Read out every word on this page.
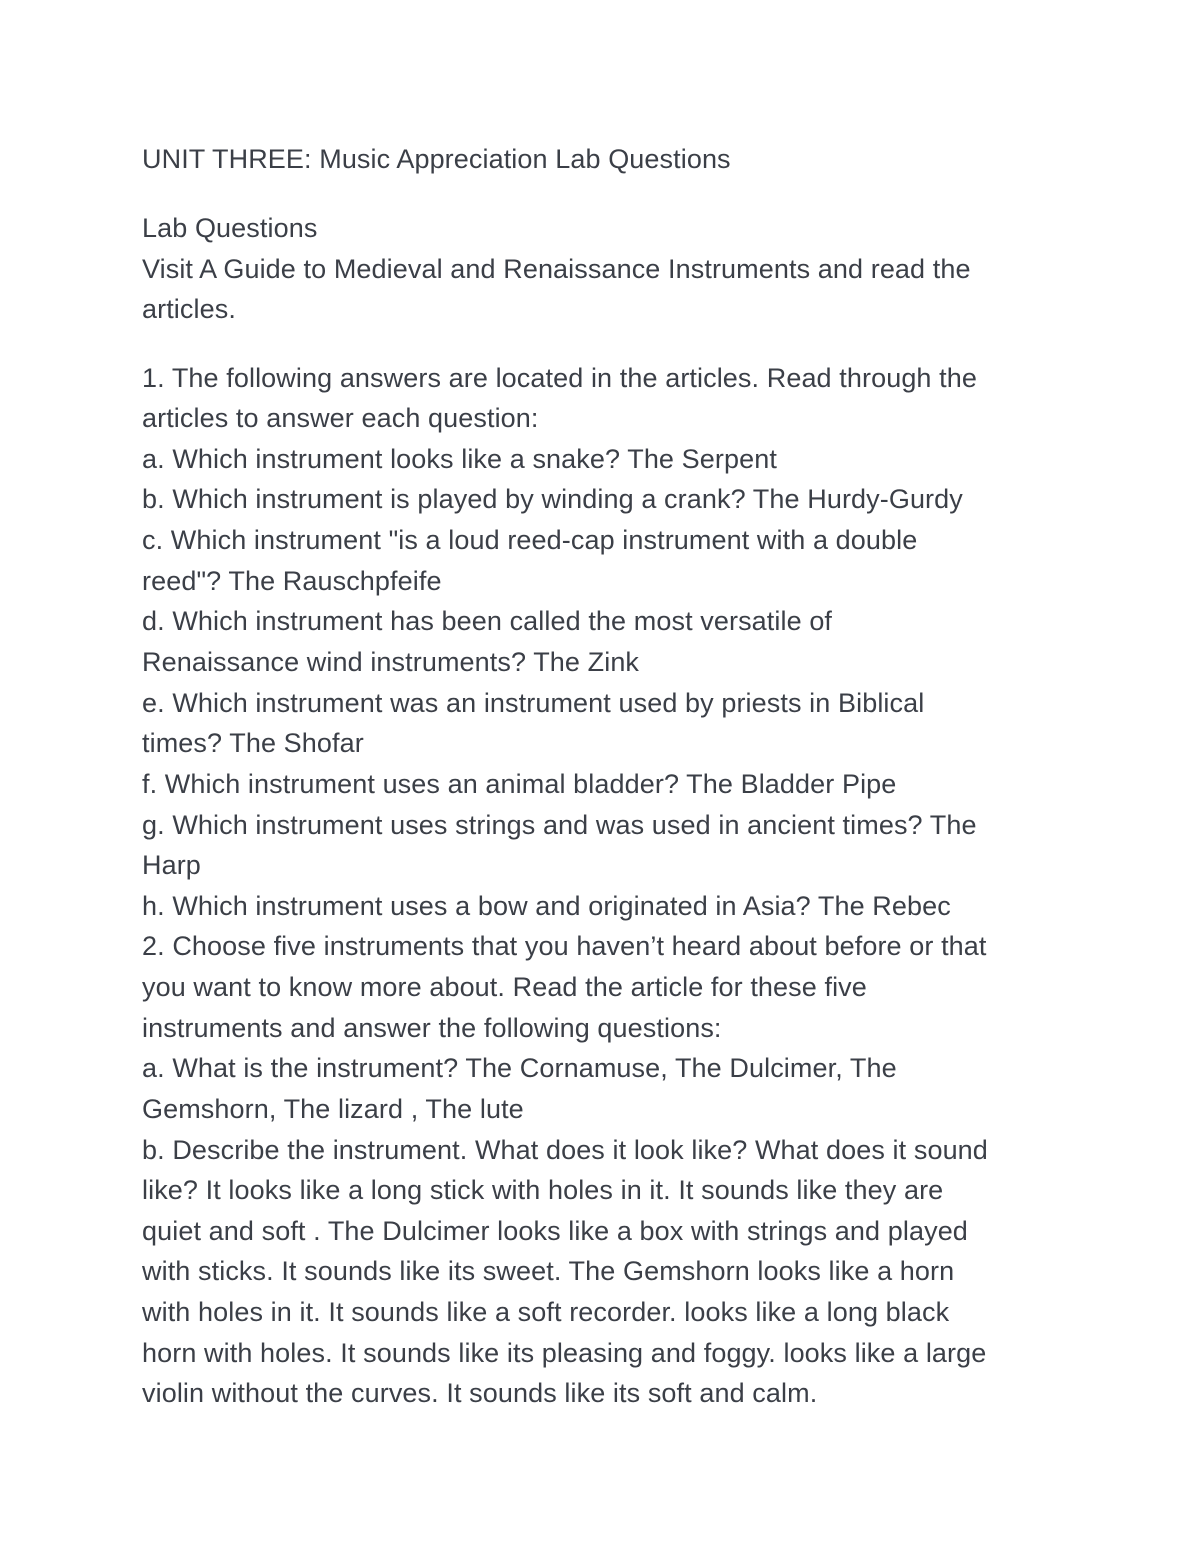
UNIT THREE: Music Appreciation Lab Questions

Lab Questions

Visit A Guide to Medieval and Renaissance Instruments and read the

articles.

1. The following answers are located in the articles. Read through the

articles to answer each question:

a. Which instrument looks like a snake? The Serpent

b. Which instrument is played by winding a crank? The Hurdy-Gurdy

c. Which instrument "is a loud reed-cap instrument with a double

reed"? The Rauschpfeife

d. Which instrument has been called the most versatile of

Renaissance wind instruments? The Zink

e. Which instrument was an instrument used by priests in Biblical

times? The Shofar

f. Which instrument uses an animal bladder? The Bladder Pipe

g. Which instrument uses strings and was used in ancient times? The

Harp

h. Which instrument uses a bow and originated in Asia? The Rebec

2. Choose five instruments that you haven’t heard about before or that

you want to know more about. Read the article for these five

instruments and answer the following questions:

a. What is the instrument? The Cornamuse, The Dulcimer, The

Gemshorn, The lizard , The lute

b. Describe the instrument. What does it look like? What does it sound

like? It looks like a long stick with holes in it. It sounds like they are

quiet and soft . The Dulcimer looks like a box with strings and played

with sticks. It sounds like its sweet. The Gemshorn looks like a horn

with holes in it. It sounds like a soft recorder. looks like a long black

horn with holes. It sounds like its pleasing and foggy. looks like a large

violin without the curves. It sounds like its soft and calm.
